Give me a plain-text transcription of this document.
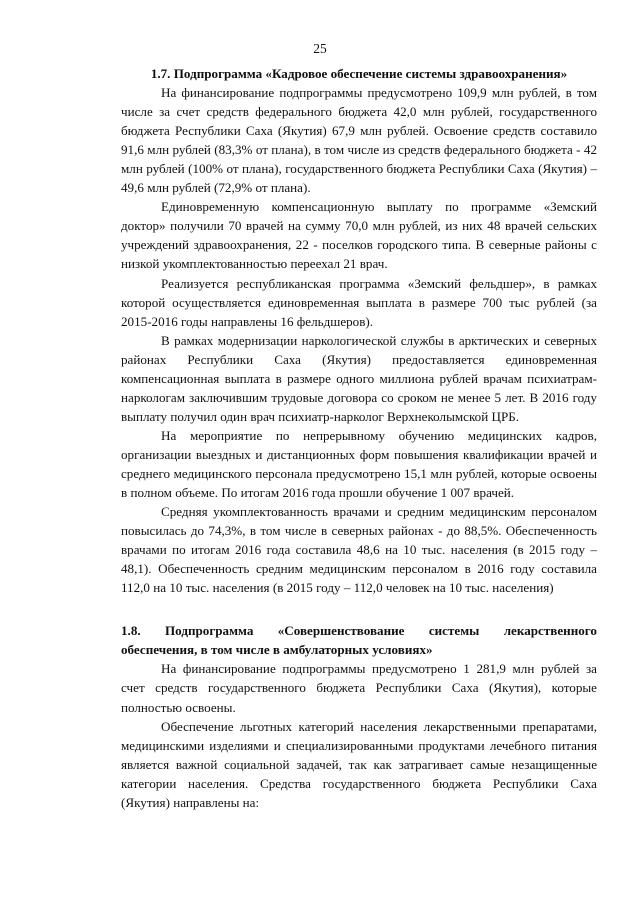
25
1.7. Подпрограмма «Кадровое обеспечение системы здравоохранения»

На финансирование подпрограммы предусмотрено 109,9 млн рублей, в том числе за счет средств федерального бюджета 42,0 млн рублей, государственного бюджета Республики Саха (Якутия) 67,9 млн рублей. Освоение средств составило 91,6 млн рублей (83,3% от плана), в том числе из средств федерального бюджета - 42 млн рублей (100% от плана), государственного бюджета Республики Саха (Якутия) – 49,6 млн рублей (72,9% от плана).

Единовременную компенсационную выплату по программе «Земский доктор» получили 70 врачей на сумму 70,0 млн рублей, из них 48 врачей сельских учреждений здравоохранения, 22 - поселков городского типа. В северные районы с низкой укомплектованностью переехал 21 врач.

Реализуется республиканская программа «Земский фельдшер», в рамках которой осуществляется единовременная выплата в размере 700 тыс рублей (за 2015-2016 годы направлены 16 фельдшеров).

В рамках модернизации наркологической службы в арктических и северных районах Республики Саха (Якутия) предоставляется единовременная компенсационная выплата в размере одного миллиона рублей врачам психиатрам-наркологам заключившим трудовые договора со сроком не менее 5 лет. В 2016 году выплату получил один врач психиатр-нарколог Верхнеколымской ЦРБ.

На мероприятие по непрерывному обучению медицинских кадров, организации выездных и дистанционных форм повышения квалификации врачей и среднего медицинского персонала предусмотрено 15,1 млн рублей, которые освоены в полном объеме. По итогам 2016 года прошли обучение 1 007 врачей.

Средняя укомплектованность врачами и средним медицинским персоналом повысилась до 74,3%, в том числе в северных районах - до 88,5%. Обеспеченность врачами по итогам 2016 года составила 48,6 на 10 тыс. населения (в 2015 году – 48,1). Обеспеченность средним медицинским персоналом в 2016 году составила 112,0 на 10 тыс. населения (в 2015 году – 112,0 человек на 10 тыс. населения)

1.8. Подпрограмма «Совершенствование системы лекарственного
обеспечения, в том числе в амбулаторных условиях»

На финансирование подпрограммы предусмотрено 1 281,9 млн рублей за счет средств государственного бюджета Республики Саха (Якутия), которые полностью освоены.

Обеспечение льготных категорий населения лекарственными препаратами, медицинскими изделиями и специализированными продуктами лечебного питания является важной социальной задачей, так как затрагивает самые незащищенные категории населения. Средства государственного бюджета Республики Саха (Якутия) направлены на:
